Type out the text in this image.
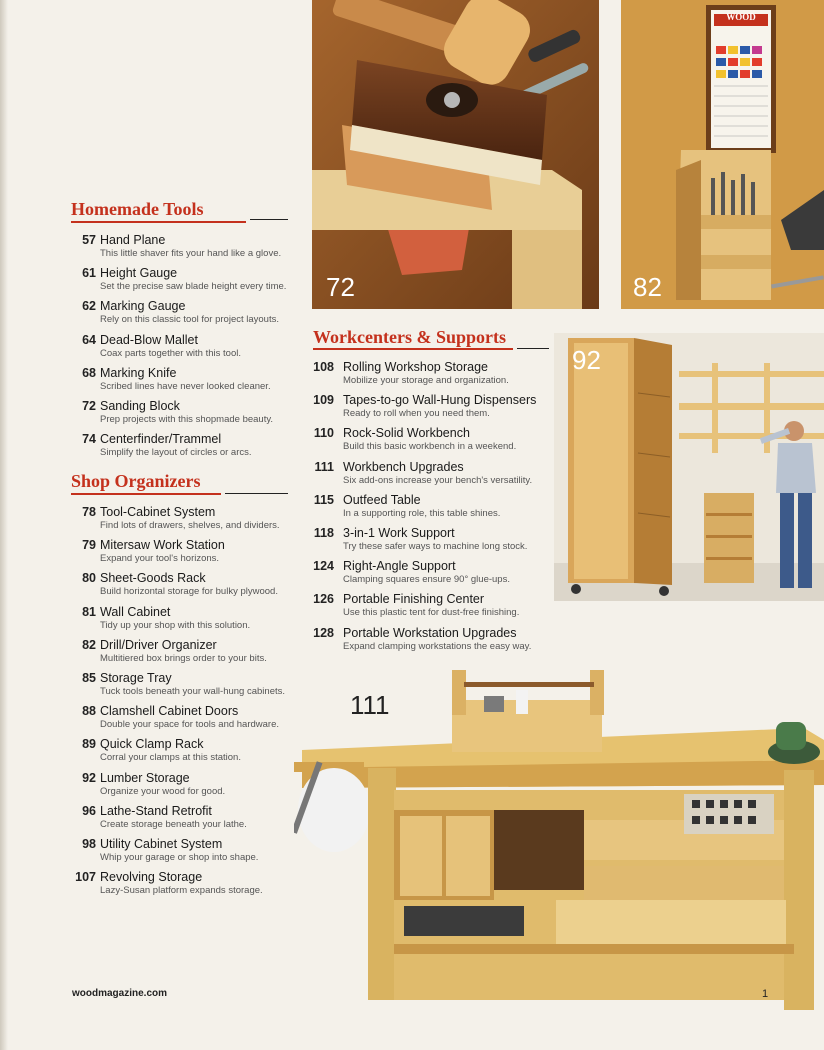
Homemade Tools
57 Hand Plane
This little shaver fits your hand like a glove.
61 Height Gauge
Set the precise saw blade height every time.
62 Marking Gauge
Rely on this classic tool for project layouts.
64 Dead-Blow Mallet
Coax parts together with this tool.
68 Marking Knife
Scribed lines have never looked cleaner.
72 Sanding Block
Prep projects with this shopmade beauty.
74 Centerfinder/Trammel
Simplify the layout of circles or arcs.
Shop Organizers
78 Tool-Cabinet System
Find lots of drawers, shelves, and dividers.
79 Mitersaw Work Station
Expand your tool's horizons.
80 Sheet-Goods Rack
Build horizontal storage for bulky plywood.
81 Wall Cabinet
Tidy up your shop with this solution.
82 Drill/Driver Organizer
Multitiered box brings order to your bits.
85 Storage Tray
Tuck tools beneath your wall-hung cabinets.
88 Clamshell Cabinet Doors
Double your space for tools and hardware.
89 Quick Clamp Rack
Corral your clamps at this station.
92 Lumber Storage
Organize your wood for good.
96 Lathe-Stand Retrofit
Create storage beneath your lathe.
98 Utility Cabinet System
Whip your garage or shop into shape.
107 Revolving Storage
Lazy-Susan platform expands storage.
72
WOOD
82
Workcenters & Supports
108 Rolling Workshop Storage
Mobilize your storage and organization.
109 Tapes-to-go Wall-Hung Dispensers
Ready to roll when you need them.
110 Rock-Solid Workbench
Build this basic workbench in a weekend.
111 Workbench Upgrades
Six add-ons increase your bench's versatility.
115 Outfeed Table
In a supporting role, this table shines.
118 3-in-1 Work Support
Try these safer ways to machine long stock.
124 Right-Angle Support
Clamping squares ensure 90° glue-ups.
126 Portable Finishing Center
Use this plastic tent for dust-free finishing.
128 Portable Workstation Upgrades
Expand clamping workstations the easy way.
92
111
woodmagazine.com	1
